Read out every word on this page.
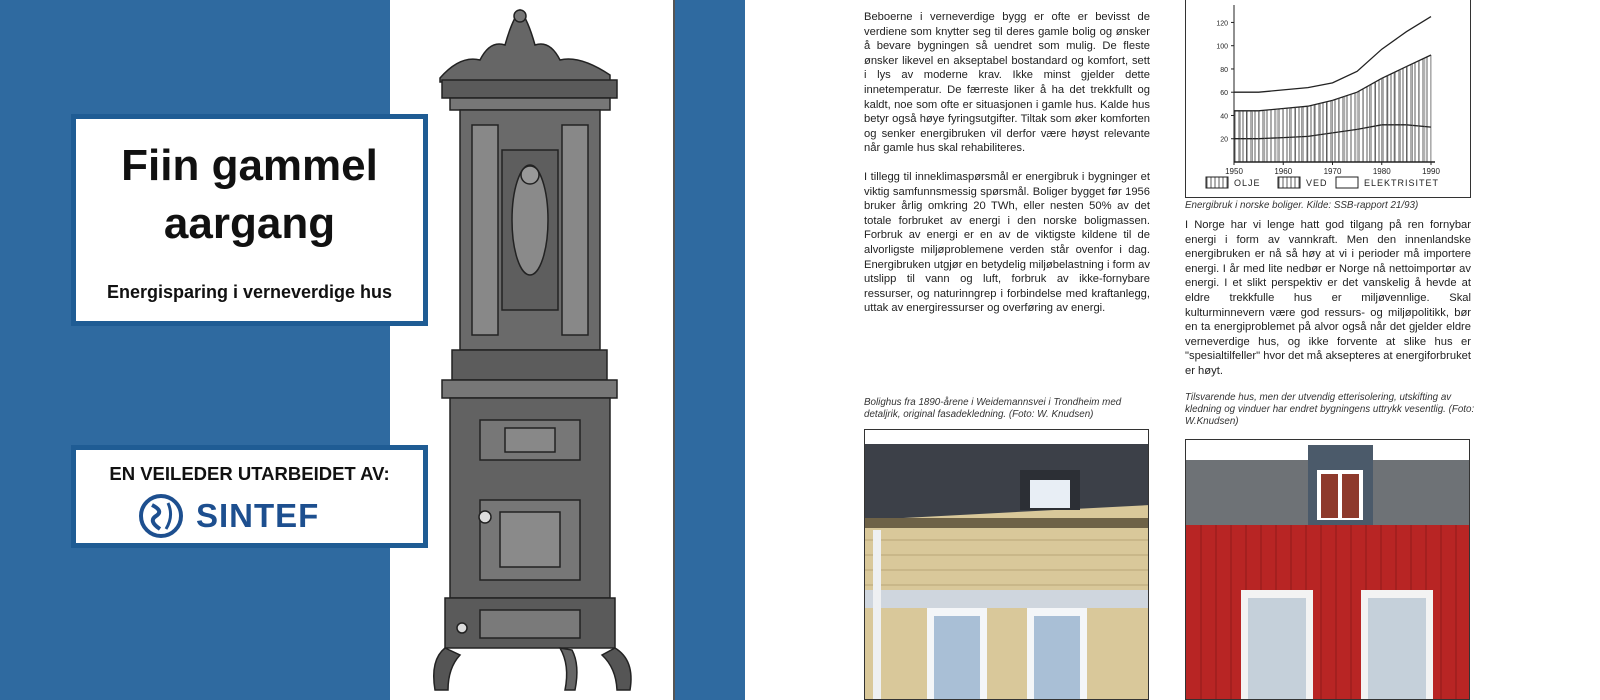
Fiin gammel
aargang
Energisparing i verneverdige hus
EN VEILEDER UTARBEIDET AV:
SINTEF

Beboerne i verneverdige bygg er ofte er bevisst de verdiene som knytter seg til deres gamle bolig og ønsker å bevare bygningen så uendret som mulig. De fleste ønsker likevel en akseptabel bostandard og komfort, sett i lys av moderne krav. Ikke minst gjelder dette innetemperatur. De færreste liker å ha det trekkfullt og kaldt, noe som ofte er situasjonen i gamle hus. Kalde hus betyr også høye fyringsutgifter. Tiltak som øker komforten og senker energibruken vil derfor være høyst relevante når gamle hus skal rehabiliteres.

I tillegg til inneklimaspørsmål er energibruk i bygninger et viktig samfunnsmessig spørsmål. Boliger bygget før 1956 bruker årlig omkring 20 TWh, eller nesten 50% av det totale forbruket av energi i den norske boligmassen. Forbruk av energi er en av de viktigste kildene til de alvorligste miljøproblemene verden står ovenfor i dag. Energibruken utgjør en betydelig miljøbelastning i form av utslipp til vann og luft, forbruk av ikke-fornybare ressurser, og naturinngrep i forbindelse med kraftanlegg, uttak av energiressurser og overføring av energi.

Bolighus fra 1890-årene i Weidemannsvei i Trondheim med detaljrik, original fasadekledning. (Foto: W. Knudsen)
20
40
60
80
100
120
1950	1960	1970	1980	1990
OLJE	VED	ELEKTRISITET
Energibruk i norske boliger. Kilde: SSB-rapport 21/93)

I Norge har vi lenge hatt god tilgang på ren fornybar energi i form av vannkraft. Men den innenlandske energibruken er nå så høy at vi i perioder må importere energi. I år med lite nedbør er Norge nå nettoimportør av energi. I et slikt perspektiv er det vanskelig å hevde at eldre trekkfulle hus er miljøvennlige. Skal kulturminnevern være god ressurs- og miljøpolitikk, bør en ta energiproblemet på alvor også når det gjelder eldre verneverdige hus, og ikke forvente at slike hus er "spesialtilfeller" hvor det må aksepteres at energiforbruket er høyt.

Tilsvarende hus, men der utvendig etterisolering, utskifting av kledning og vinduer har endret bygningens uttrykk vesentlig. (Foto: W.Knudsen)
